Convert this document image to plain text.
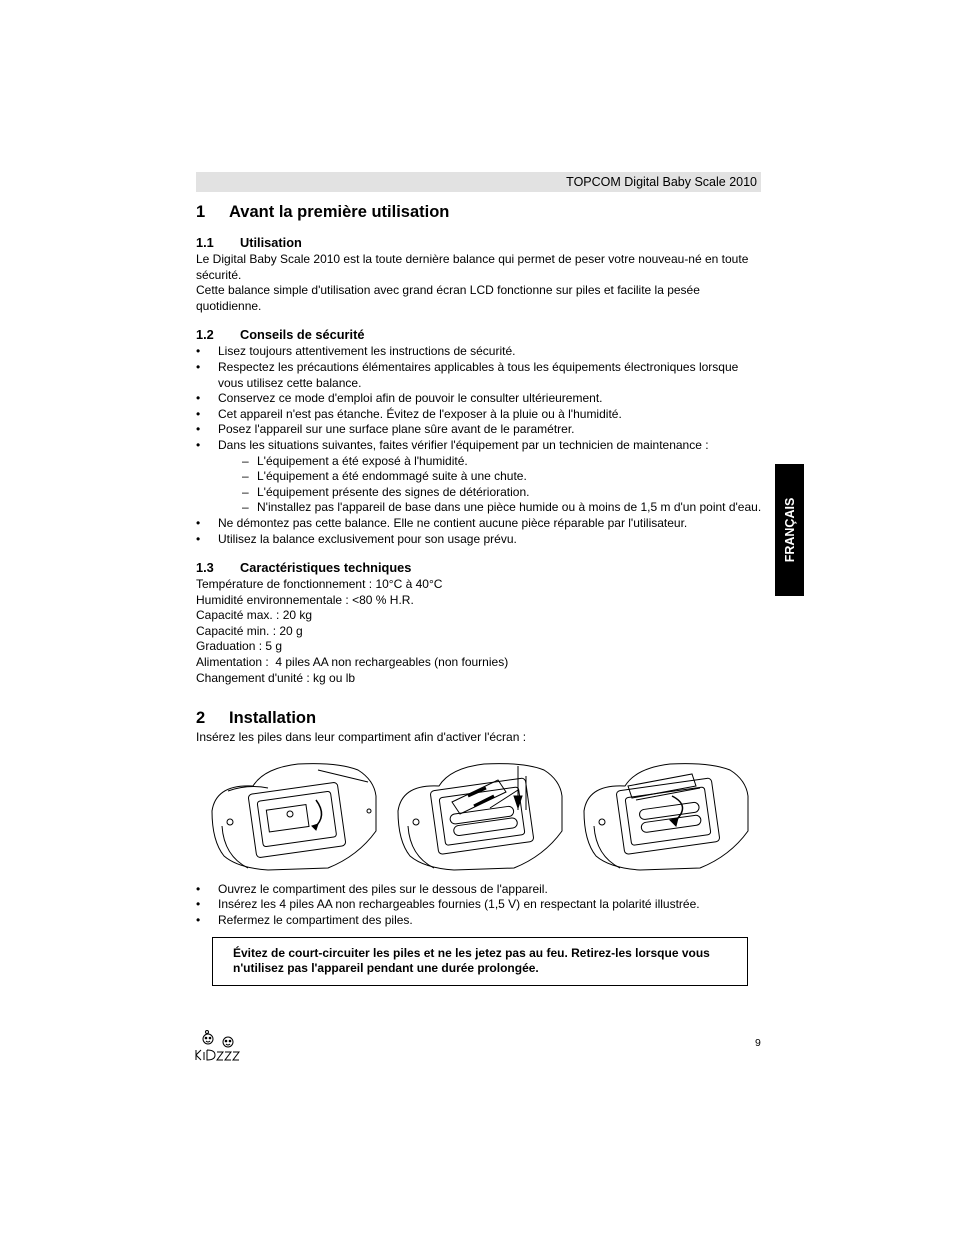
TOPCOM Digital Baby Scale 2010
FRANÇAIS
1	Avant la première utilisation
1.1	Utilisation

Le Digital Baby Scale 2010 est la toute dernière balance qui permet de peser votre nouveau-né en toute sécurité.

Cette balance simple d'utilisation avec grand écran LCD fonctionne sur piles et facilite la pesée quotidienne.

1.2	Conseils de sécurité
• Lisez toujours attentivement les instructions de sécurité.
• Respectez les précautions élémentaires applicables à tous les équipements électroniques lorsque vous utilisez cette balance.
• Conservez ce mode d'emploi afin de pouvoir le consulter ultérieurement.
• Cet appareil n'est pas étanche. Évitez de l'exposer à la pluie ou à l'humidité.
• Posez l'appareil sur une surface plane sûre avant de le paramétrer.
• Dans les situations suivantes, faites vérifier l'équipement par un technicien de maintenance :
– L'équipement a été exposé à l'humidité.
– L'équipement a été endommagé suite à une chute.
– L'équipement présente des signes de détérioration.
– N'installez pas l'appareil de base dans une pièce humide ou à moins de 1,5 m d'un point d'eau.
• Ne démontez pas cette balance. Elle ne contient aucune pièce réparable par l'utilisateur.
• Utilisez la balance exclusivement pour son usage prévu.
1.3	Caractéristiques techniques

Température de fonctionnement : 10°C à 40°C

Humidité environnementale : <80 % H.R.

Capacité max. : 20 kg

Capacité min. : 20 g

Graduation : 5 g

Alimentation :  4 piles AA non rechargeables (non fournies)

Changement d'unité : kg ou lb

2	Installation

Insérez les piles dans leur compartiment afin d'activer l'écran :

• Ouvrez le compartiment des piles sur le dessous de l'appareil.
• Insérez les 4 piles AA non rechargeables fournies (1,5 V) en respectant la polarité illustrée.
• Refermez le compartiment des piles.
Évitez de court-circuiter les piles et ne les jetez pas au feu. Retirez-les lorsque vous n'utilisez pas l'appareil pendant une durée prolongée.
9
